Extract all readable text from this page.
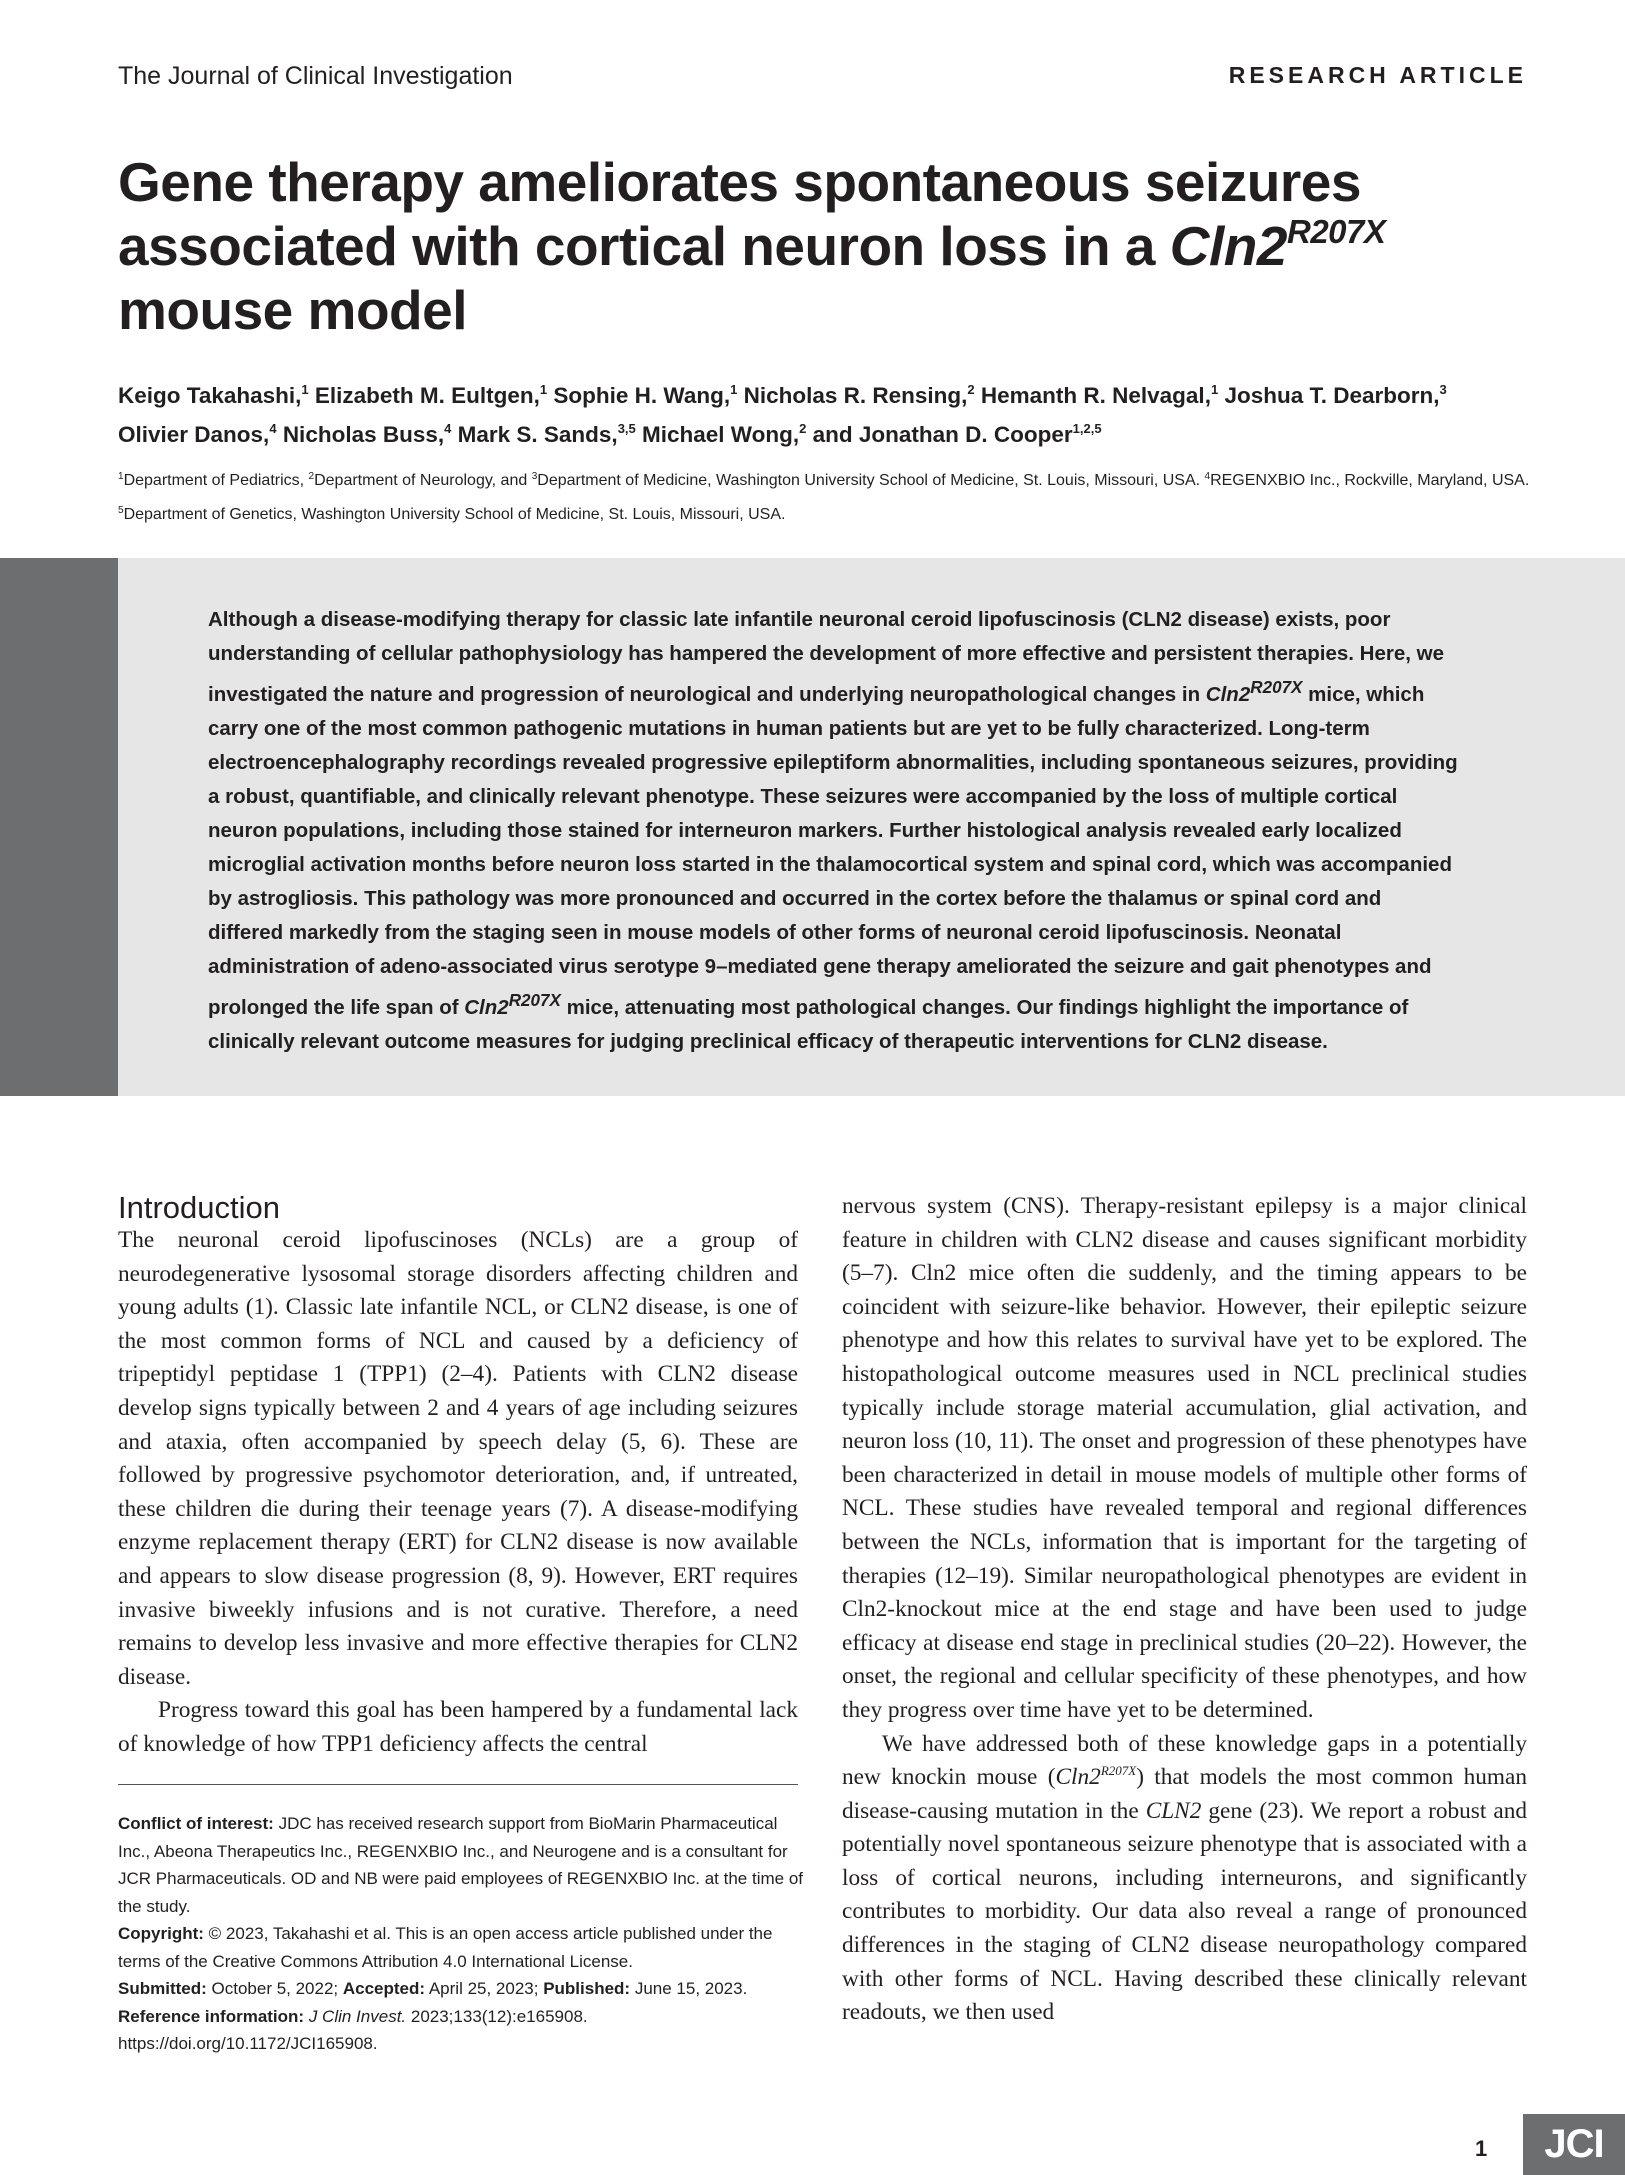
The Journal of Clinical Investigation	RESEARCH ARTICLE
Gene therapy ameliorates spontaneous seizures associated with cortical neuron loss in a $Cln2^{R207X}$ mouse model
Keigo Takahashi,$^1$ Elizabeth M. Eultgen,$^1$ Sophie H. Wang,$^1$ Nicholas R. Rensing,$^2$ Hemanth R. Nelvagal,$^1$ Joshua T. Dearborn,$^3$
Olivier Danos,$^4$ Nicholas Buss,$^4$ Mark S. Sands,$^{3,5}$ Michael Wong,$^2$ and Jonathan D. Cooper$^{1,2,5}$
$^1$Department of Pediatrics, $^2$Department of Neurology, and $^3$Department of Medicine, Washington University School of Medicine, St. Louis, Missouri, USA. $^4$REGENXBIO Inc., Rockville, Maryland, USA.
$^5$Department of Genetics, Washington University School of Medicine, St. Louis, Missouri, USA.
Although a disease-modifying therapy for classic late infantile neuronal ceroid lipofuscinosis (CLN2 disease) exists, poor understanding of cellular pathophysiology has hampered the development of more effective and persistent therapies. Here, we investigated the nature and progression of neurological and underlying neuropathological changes in $Cln2^{R207X}$ mice, which carry one of the most common pathogenic mutations in human patients but are yet to be fully characterized. Long-term electroencephalography recordings revealed progressive epileptiform abnormalities, including spontaneous seizures, providing a robust, quantifiable, and clinically relevant phenotype. These seizures were accompanied by the loss of multiple cortical neuron populations, including those stained for interneuron markers. Further histological analysis revealed early localized microglial activation months before neuron loss started in the thalamocortical system and spinal cord, which was accompanied by astrogliosis. This pathology was more pronounced and occurred in the cortex before the thalamus or spinal cord and differed markedly from the staging seen in mouse models of other forms of neuronal ceroid lipofuscinosis. Neonatal administration of adeno-associated virus serotype 9–mediated gene therapy ameliorated the seizure and gait phenotypes and prolonged the life span of $Cln2^{R207X}$ mice, attenuating most pathological changes. Our findings highlight the importance of clinically relevant outcome measures for judging preclinical efficacy of therapeutic interventions for CLN2 disease.
Introduction

The neuronal ceroid lipofuscinoses (NCLs) are a group of neurodegenerative lysosomal storage disorders affecting children and young adults (1). Classic late infantile NCL, or CLN2 disease, is one of the most common forms of NCL and caused by a deficiency of tripeptidyl peptidase 1 (TPP1) (2–4). Patients with CLN2 disease develop signs typically between 2 and 4 years of age including seizures and ataxia, often accompanied by speech delay (5, 6). These are followed by progressive psychomotor deterioration, and, if untreated, these children die during their teenage years (7). A disease-modifying enzyme replacement therapy (ERT) for CLN2 disease is now available and appears to slow disease progression (8, 9). However, ERT requires invasive biweekly infusions and is not curative. Therefore, a need remains to develop less invasive and more effective therapies for CLN2 disease.

Progress toward this goal has been hampered by a fundamental lack of knowledge of how TPP1 deficiency affects the central

nervous system (CNS). Therapy-resistant epilepsy is a major clinical feature in children with CLN2 disease and causes significant morbidity (5–7). Cln2 mice often die suddenly, and the timing appears to be coincident with seizure-like behavior. However, their epileptic seizure phenotype and how this relates to survival have yet to be explored. The histopathological outcome measures used in NCL preclinical studies typically include storage material accumulation, glial activation, and neuron loss (10, 11). The onset and progression of these phenotypes have been characterized in detail in mouse models of multiple other forms of NCL. These studies have revealed temporal and regional differences between the NCLs, information that is important for the targeting of therapies (12–19). Similar neuropathological phenotypes are evident in Cln2-knockout mice at the end stage and have been used to judge efficacy at disease end stage in preclinical studies (20–22). However, the onset, the regional and cellular specificity of these phenotypes, and how they progress over time have yet to be determined.

We have addressed both of these knowledge gaps in a potentially new knockin mouse $(Cln2^{R207X})$ that models the most common human disease-causing mutation in the CLN2 gene (23). We report a robust and potentially novel spontaneous seizure phenotype that is associated with a loss of cortical neurons, including interneurons, and significantly contributes to morbidity. Our data also reveal a range of pronounced differences in the staging of CLN2 disease neuropathology compared with other forms of NCL. Having described these clinically relevant readouts, we then used

Conflict of interest: JDC has received research support from BioMarin Pharmaceutical Inc., Abeona Therapeutics Inc., REGENXBIO Inc., and Neurogene and is a consultant for JCR Pharmaceuticals. OD and NB were paid employees of REGENXBIO Inc. at the time of the study.

Copyright: © 2023, Takahashi et al. This is an open access article published under the terms of the Creative Commons Attribution 4.0 International License.

Submitted: October 5, 2022; Accepted: April 25, 2023; Published: June 15, 2023.

Reference information: J Clin Invest. 2023;133(12):e165908.

https://doi.org/10.1172/JCI165908.

1	JCI
